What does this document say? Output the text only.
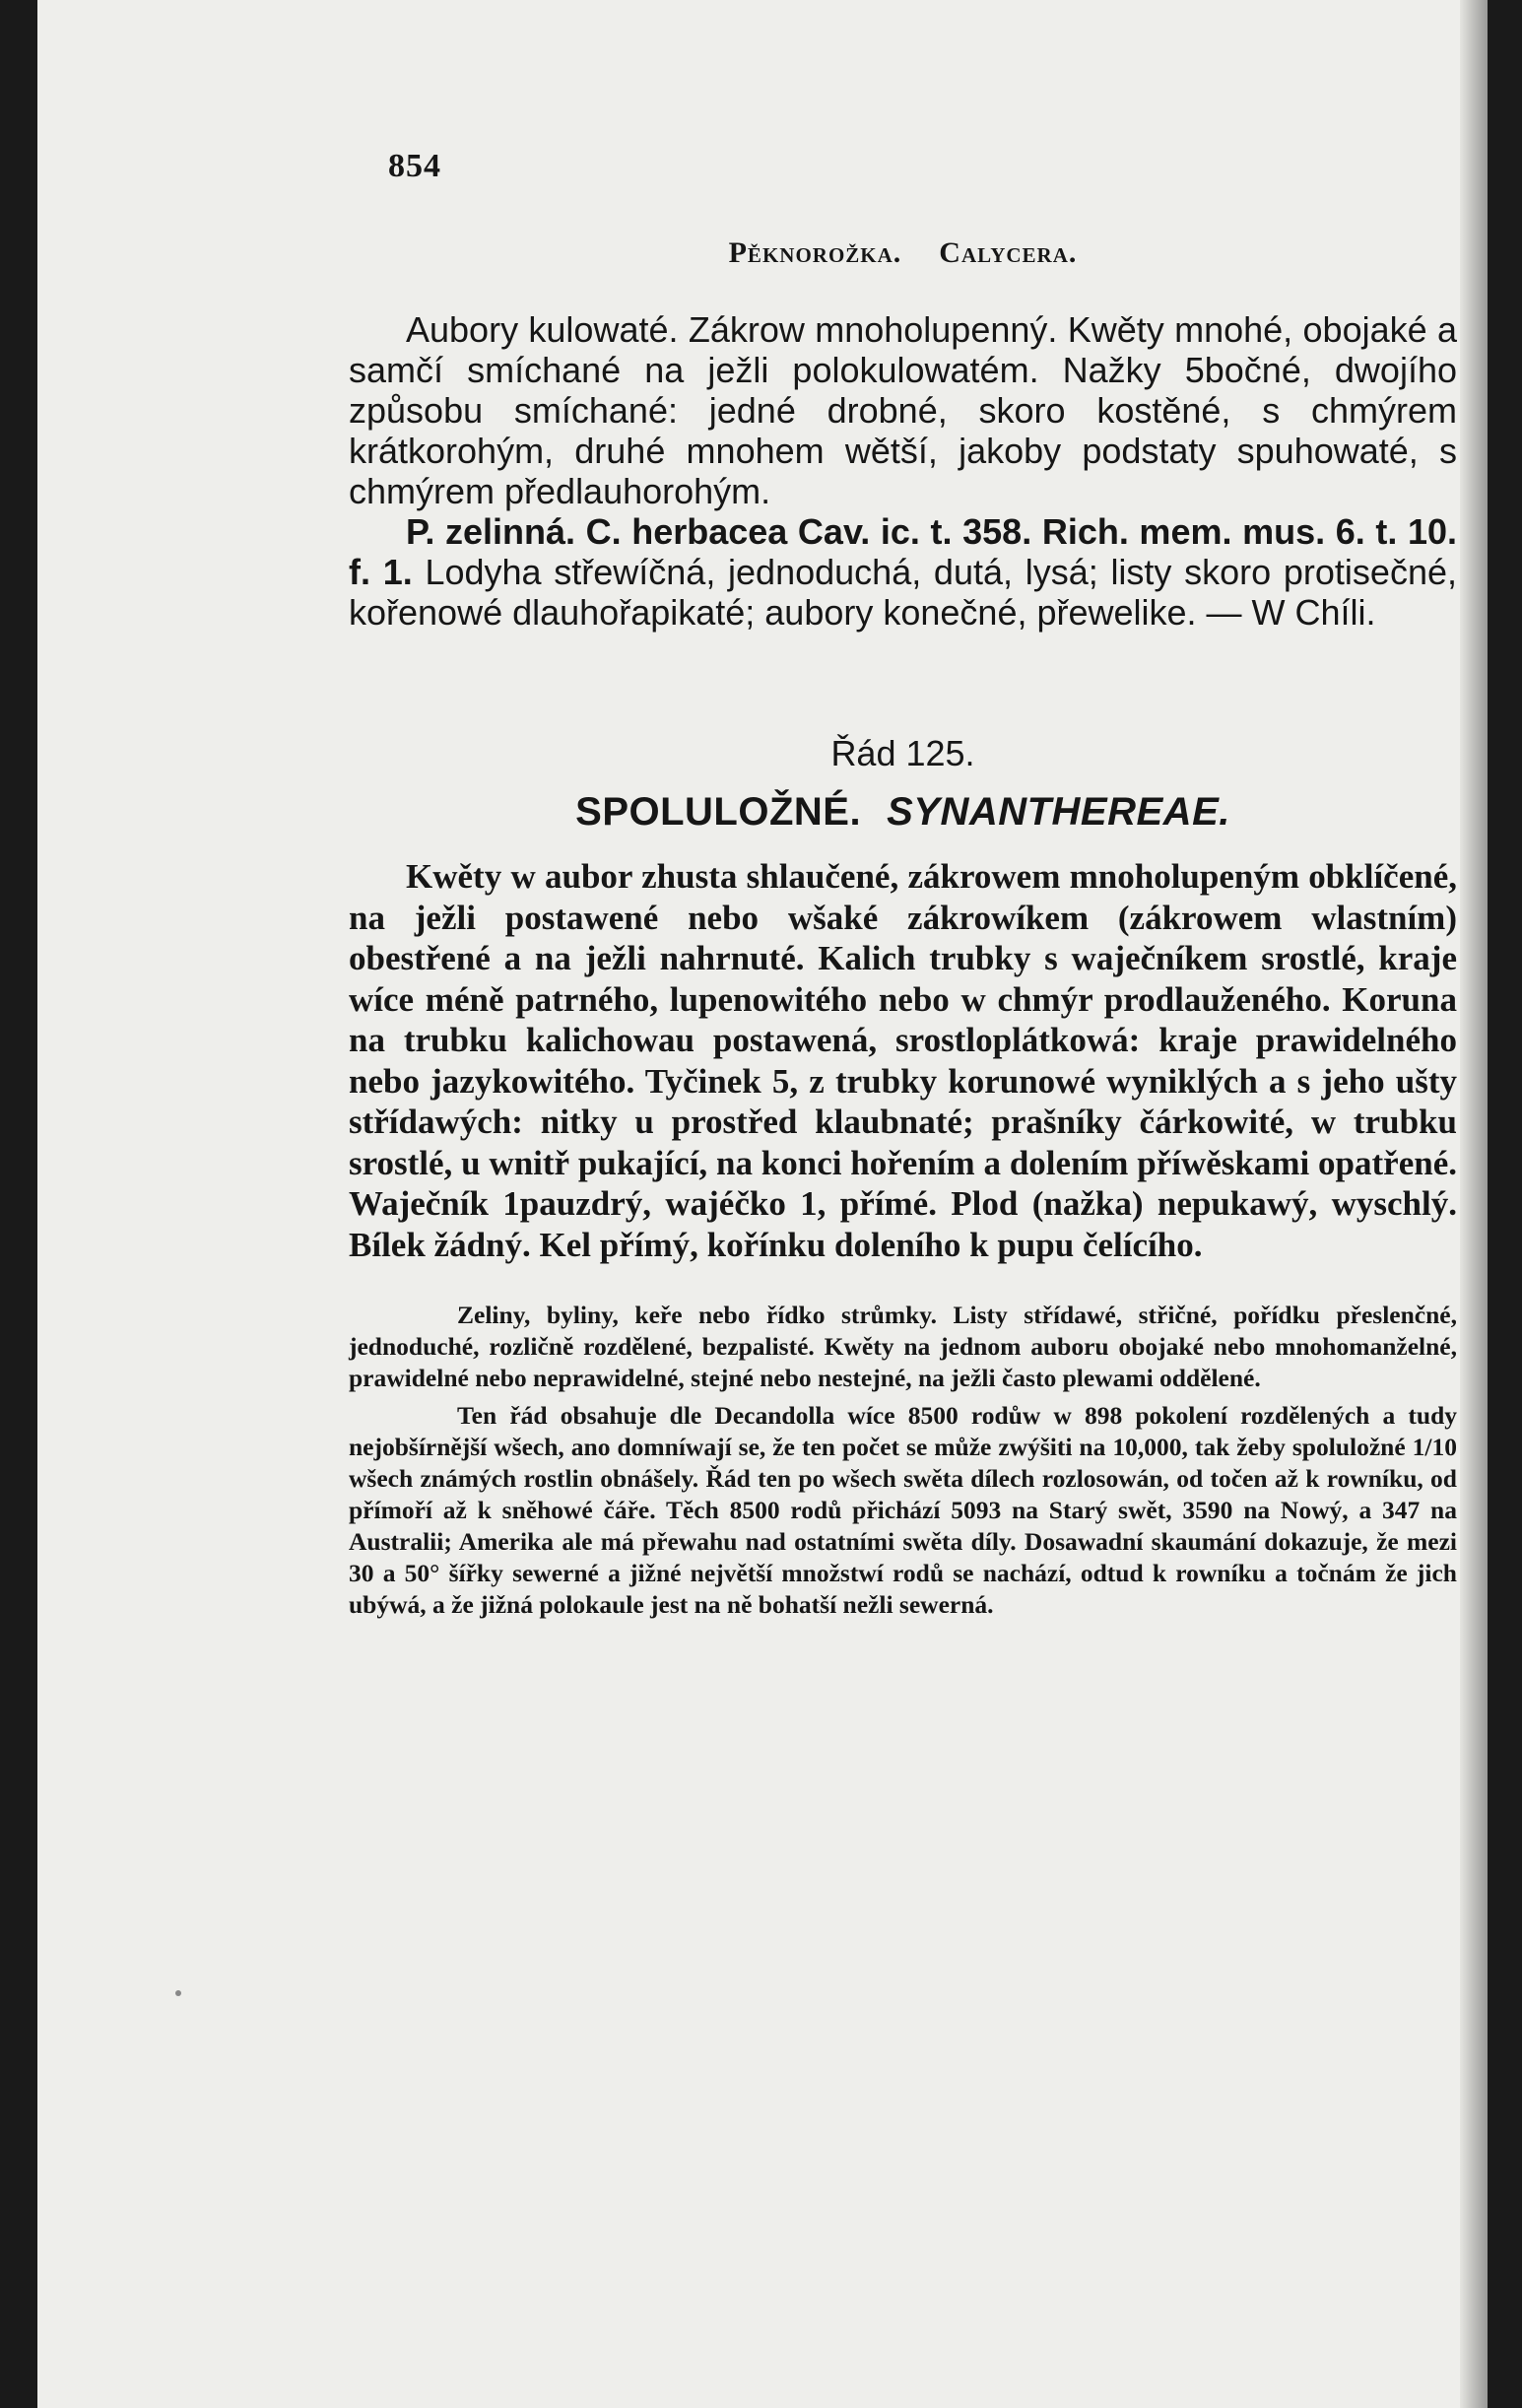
854
Pěknorožka. Calycera.

Aubory kulowaté. Zákrow mnoholupenný. Kwěty mnohé, obojaké a samčí smíchané na ježli polokulowatém. Nažky 5bočné, dwojího způsobu smíchané: jedné drobné, skoro kostěné, s chmýrem krátkorohým, druhé mnohem wětší, jakoby podstaty spuhowaté, s chmýrem předlauhorohým.

P. zelinná. C. herbacea Cav. ic. t. 358. Rich. mem. mus. 6. t. 10. f. 1. Lodyha střewíčná, jednoduchá, dutá, lysá; listy skoro protisečné, kořenowé dlauhořapikaté; aubory konečné, přewelike. — W Chíli.

Řád 125.
SPOLULOŽNÉ. SYNANTHEREAE.

Kwěty w aubor zhusta shlaučené, zákrowem mnoholupeným obklíčené, na ježli postawené nebo wšaké zákrowíkem (zákrowem wlastním) obestřené a na ježli nahrnuté. Kalich trubky s waječníkem srostlé, kraje wíce méně patrného, lupenowitého nebo w chmýr prodlauženého. Koruna na trubku kalichowau postawená, srostloplátkowá: kraje prawidelného nebo jazykowitého. Tyčinek 5, z trubky korunowé wyniklých a s jeho ušty střídawých: nitky u prostřed klaubnaté; prašníky čárkowité, w trubku srostlé, u wnitř pukající, na konci hořením a dolením příwěskami opatřené. Waječník 1pauzdrý, wajéčko 1, přímé. Plod (nažka) nepukawý, wyschlý. Bílek žádný. Kel přímý, kořínku doleního k pupu čelícího.

Zeliny, byliny, keře nebo řídko strůmky. Listy střídawé, střičné, pořídku přeslenčné, jednoduché, rozličně rozdělené, bezpalisté. Kwěty na jednom auboru obojaké nebo mnohomanželné, prawidelné nebo neprawidelné, stejné nebo nestejné, na ježli často plewami oddělené.

Ten řád obsahuje dle Decandolla wíce 8500 rodůw w 898 pokolení rozdělených a tudy nejobšírnější wšech, ano domníwají se, že ten počet se může zwýšiti na 10,000, tak žeby spoluložné 1/10 wšech známých rostlin obnášely. Řád ten po wšech swěta dílech rozlosowán, od točen až k rowníku, od přímoří až k sněhowé čáře. Těch 8500 rodů přichází 5093 na Starý swět, 3590 na Nowý, a 347 na Australii; Amerika ale má přewahu nad ostatními swěta díly. Dosawadní skaumání dokazuje, že mezi 30 a 50° šířky sewerné a jižné největší množstwí rodů se nachází, odtud k rowníku a točnám že jich ubýwá, a že jižná polokaule jest na ně bohatší nežli sewerná.
